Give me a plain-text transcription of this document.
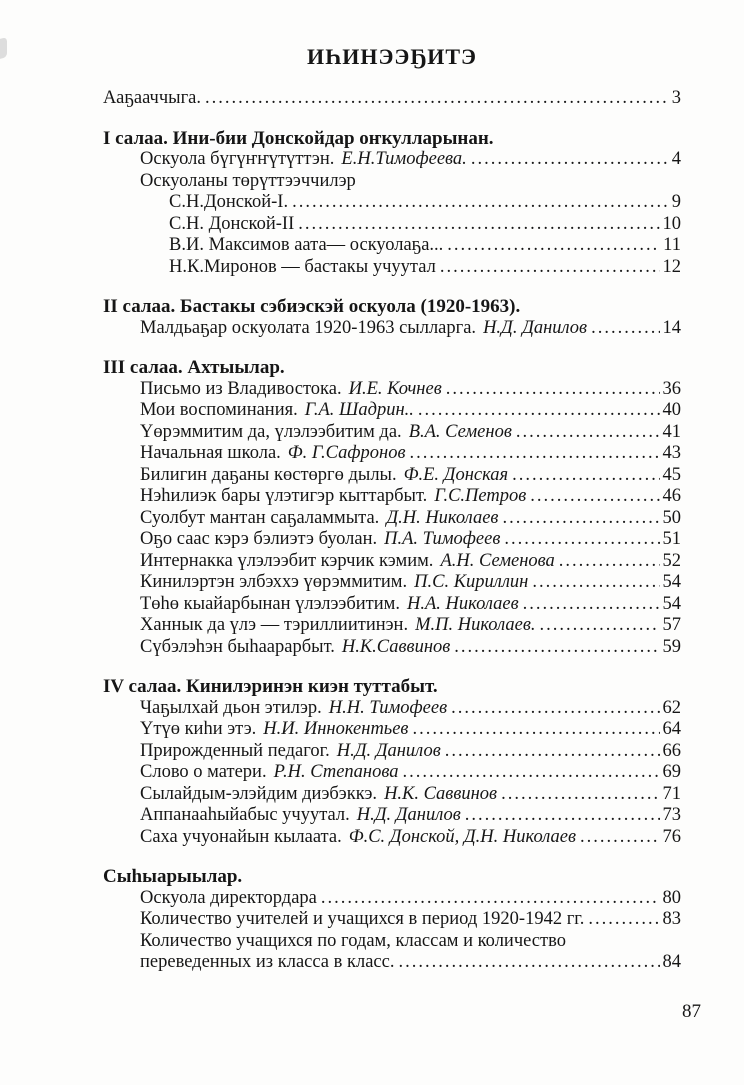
ИҺИНЭЭҔИТЭ
Ааҕааччыга. .....	3
I салаа. Ини-бии Донскойдар оҥкулларынан.
Оскуола бүгүҥҥүтүттэн. Е.Н.Тимофеева. .....	4
Оскуоланы төрүттээччилэр
С.Н.Донской-I. .....	9
С.Н. Донской-II .....	10
В.И. Максимов аата— оскуолаҕа... .....	11
Н.К.Миронов — бастакы учуутал .....	12
II салаа. Бастакы сэбиэскэй оскуола (1920-1963).
Малдьаҕар оскуолата 1920-1963 сылларга. Н.Д. Данилов .....	14
III салаа. Ахтыылар.
Письмо из Владивостока. И.Е. Кочнев .....	36
Мои воспоминания. Г.А. Шадрин.. .....	40
Үөрэммитим да, үлэлээбитим да. В.А. Семенов .....	41
Начальная школа. Ф. Г.Сафронов .....	43
Билигин даҕаны көстөргө дылы. Ф.Е. Донская .....	45
Нэһилиэк бары үлэтигэр кыттарбыт. Г.С.Петров .....	46
Суолбут мантан саҕаламмыта. Д.Н. Николаев .....	50
Оҕо саас кэрэ бэлиэтэ буолан. П.А. Тимофеев .....	51
Интернакка үлэлээбит кэрчик кэмим. А.Н. Семенова .....	52
Кинилэртэн элбэххэ үөрэммитим. П.С. Кириллин .....	54
Төһө кыайарбынан үлэлээбитим. Н.А. Николаев .....	54
Ханнык да үлэ — тэриллиитинэн. М.П. Николаев. .....	57
Сүбэлэһэн быһаарарбыт. Н.К.Саввинов .....	59
IV салаа. Кинилэринэн киэн туттабыт.
Чаҕылхай дьон этилэр. Н.Н. Тимофеев .....	62
Үтүө киһи этэ. Н.И. Иннокентьев .....	64
Прирожденный педагог. Н.Д. Данилов .....	66
Слово о матери. Р.Н. Степанова .....	69
Сылайдым-элэйдим диэбэккэ. Н.К. Саввинов .....	71
Аппанааһыйабыс учуутал. Н.Д. Данилов .....	73
Саха учуонайын кылаата. Ф.С. Донской, Д.Н. Николаев .....	76
Сыһыарыылар.
Оскуола директордара .....	80
Количество учителей и учащихся в период 1920-1942 гг. .....	83
Количество учащихся по годам, классам и количество
переведенных из класса в класс. .....	84
87
